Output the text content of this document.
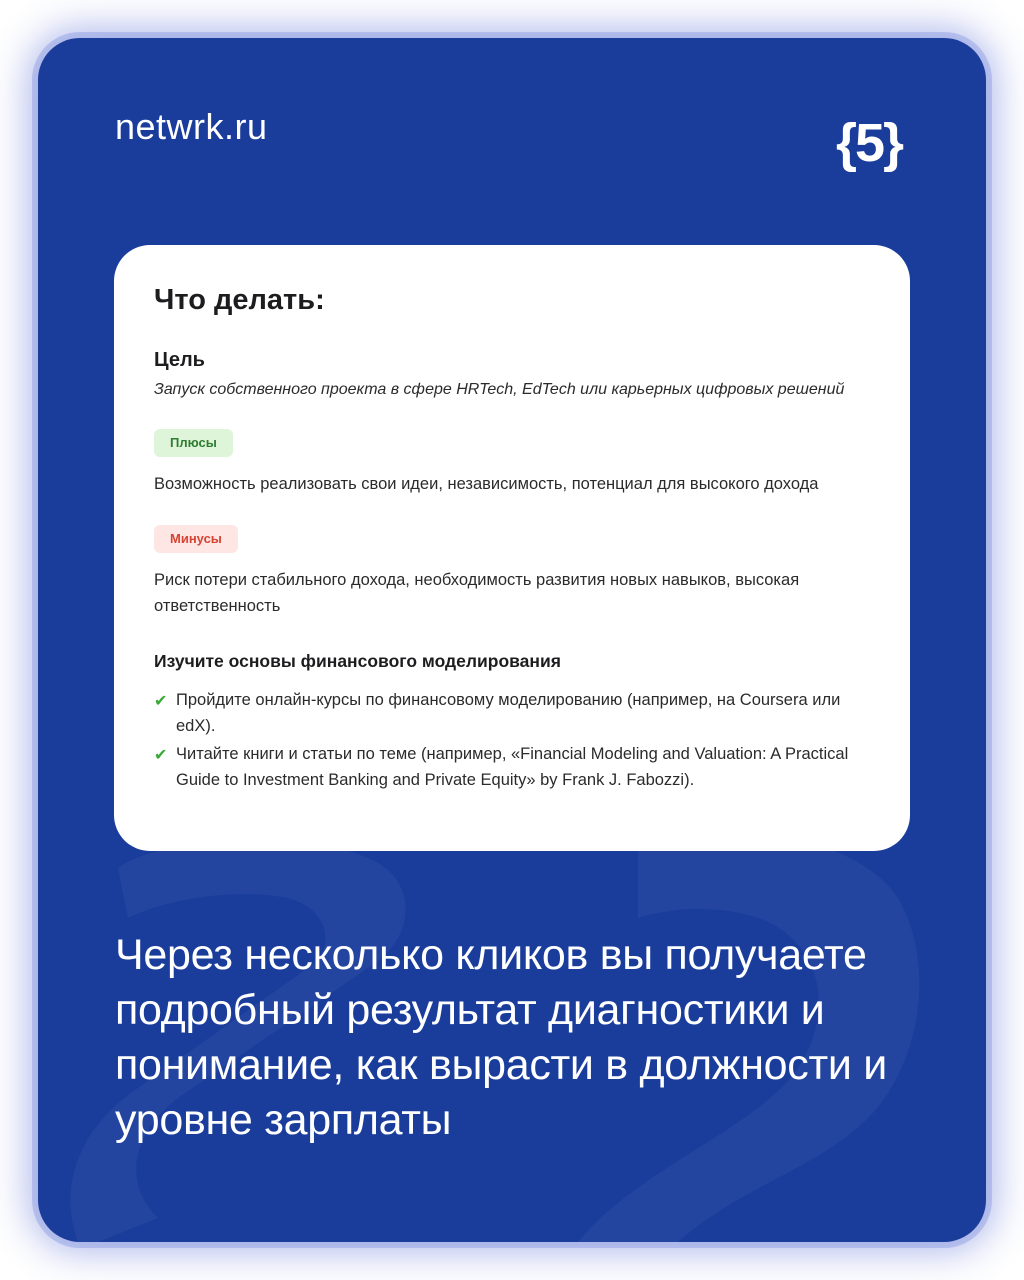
netwrk.ru	{5}
Что делать:
Цель
Запуск собственного проекта в сфере HRTech, EdTech или карьерных цифровых решений
Плюсы
Возможность реализовать свои идеи, независимость, потенциал для высокого дохода
Минусы
Риск потери стабильного дохода, необходимость развития новых навыков, высокая ответственность
Изучите основы финансового моделирования
✔ Пройдите онлайн-курсы по финансовому моделированию (например, на Coursera или edX).
✔ Читайте книги и статьи по теме (например, «Financial Modeling and Valuation: A Practical Guide to Investment Banking and Private Equity» by Frank J. Fabozzi).
Через несколько кликов вы получаете подробный результат диагностики и понимание, как вырасти в должности и уровне зарплаты
